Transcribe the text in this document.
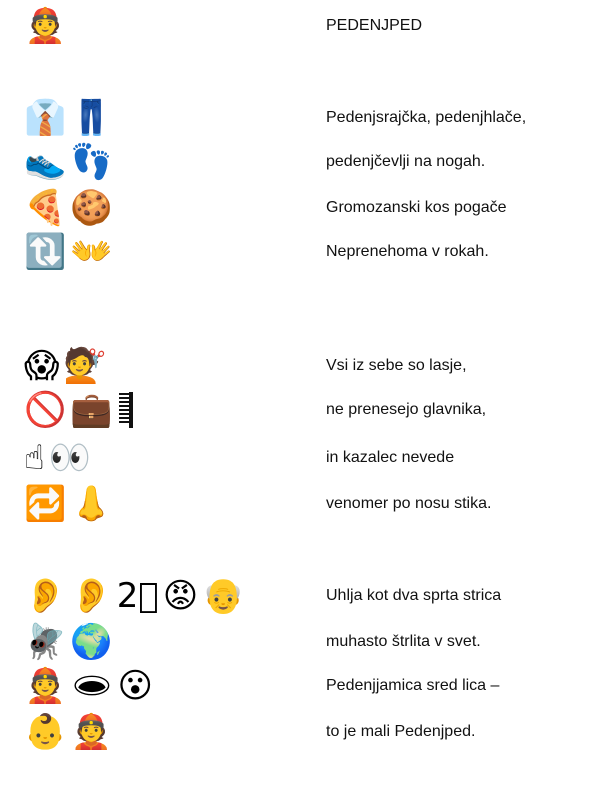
👲	PEDENJPED
👔 👖	Pedenjsrajčka, pedenjhlače,
👟 👣	pedenjčevlji na nogah.
🍕 🍪	Gromozanski kos pogače
🔃 👐	Neprenehoma v rokah.
😱 💇	Vsi iz sebe so lasje,
🚫 💼	ne prenesejo glavnika,
☝ 👀	in kazalec nevede
🔁 👃	venomer po nosu stika.
👂 👂 2⃣ 😡 👴	Uhlja kot dva sprta strica
🪰 🌍	muhasto štrlita v svet.
👲 🕳 😮	Pedenjjamica sred lica –
👶 👲	to je mali Pedenjped.
